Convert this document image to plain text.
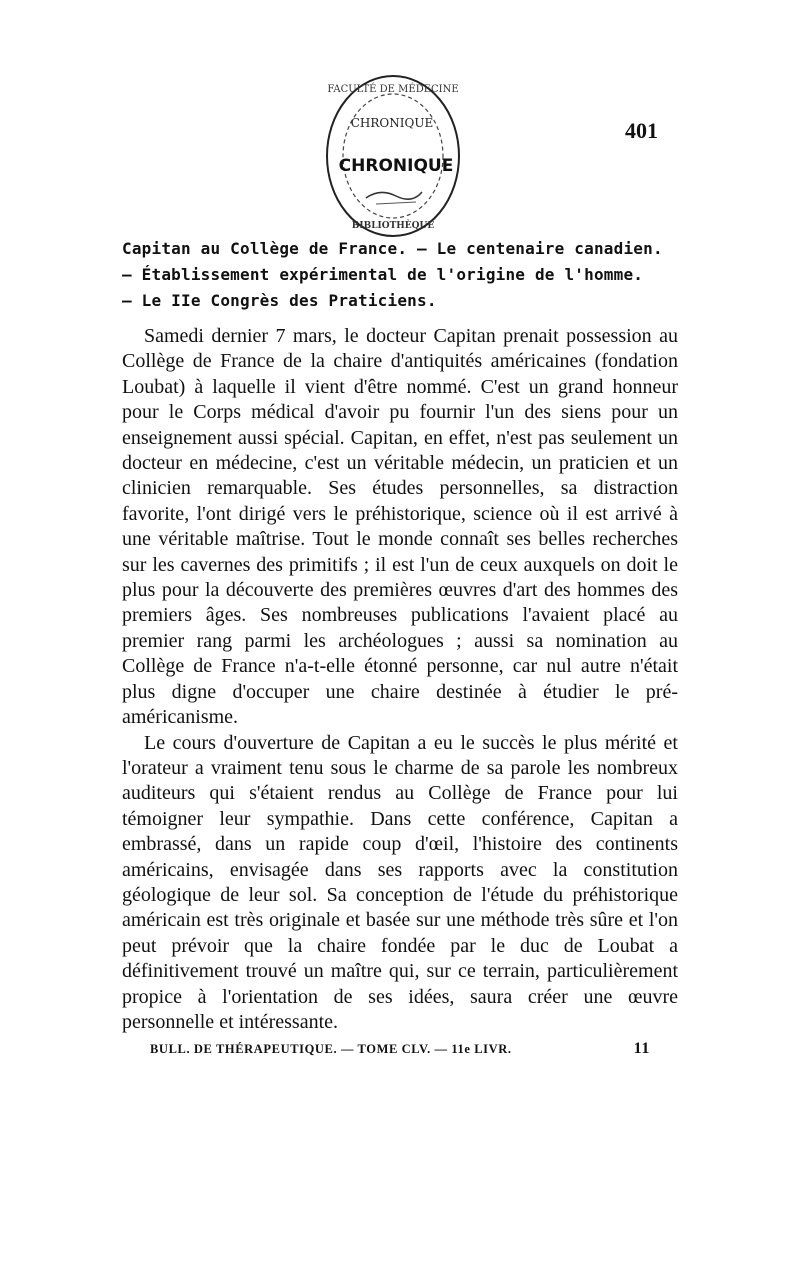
FACULTÉ DE MÉDECINE
BIBLIOTHÈQUE
CHRONIQUE
CHRONIQUE
401
Capitan au Collège de France. — Le centenaire canadien.
— Établissement expérimental de l'origine de l'homme.
— Le IIe Congrès des Praticiens.

Samedi dernier 7 mars, le docteur Capitan prenait possession au Collège de France de la chaire d'antiquités américaines (fondation Loubat) à laquelle il vient d'être nommé. C'est un grand honneur pour le Corps médical d'avoir pu fournir l'un des siens pour un enseignement aussi spécial. Capitan, en effet, n'est pas seulement un docteur en médecine, c'est un véritable médecin, un praticien et un clinicien remarquable. Ses études personnelles, sa distraction favorite, l'ont dirigé vers le préhistorique, science où il est arrivé à une véritable maîtrise. Tout le monde connaît ses belles recherches sur les cavernes des primitifs ; il est l'un de ceux auxquels on doit le plus pour la découverte des premières œuvres d'art des hommes des premiers âges. Ses nombreuses publications l'avaient placé au premier rang parmi les archéologues ; aussi sa nomination au Collège de France n'a-t-elle étonné personne, car nul autre n'était plus digne d'occuper une chaire destinée à étudier le pré-américanisme.

Le cours d'ouverture de Capitan a eu le succès le plus mérité et l'orateur a vraiment tenu sous le charme de sa parole les nombreux auditeurs qui s'étaient rendus au Collège de France pour lui témoigner leur sympathie. Dans cette conférence, Capitan a embrassé, dans un rapide coup d'œil, l'histoire des continents américains, envisagée dans ses rapports avec la constitution géologique de leur sol. Sa conception de l'étude du préhistorique américain est très originale et basée sur une méthode très sûre et l'on peut prévoir que la chaire fondée par le duc de Loubat a définitivement trouvé un maître qui, sur ce terrain, particulièrement propice à l'orientation de ses idées, saura créer une œuvre personnelle et intéressante.

BULL. DE THÉRAPEUTIQUE. — TOME CLV. — 11e LIVR.	11
